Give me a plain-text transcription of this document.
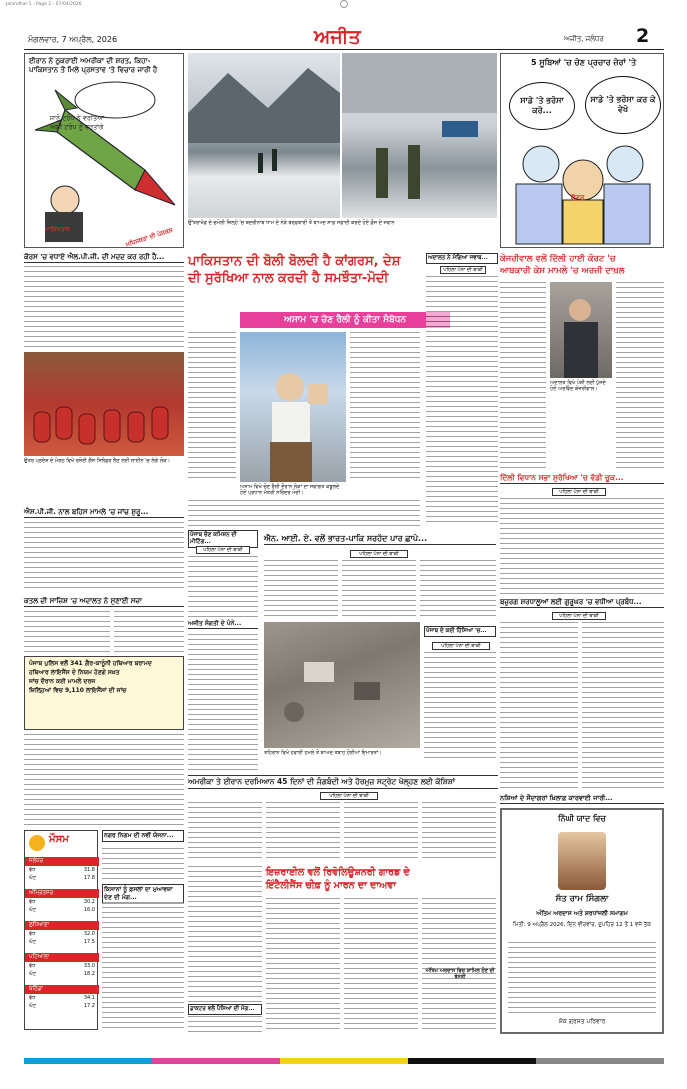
Jalandhar-1 - Page 2 - 07/04/2026
ਮੰਗਲਵਾਰ, 7 ਅਪ੍ਰੈਲ, 2026	ਅਜੀਤ	ਅਜੀਤ, ਜਲੰਧਰ 2
ਈਰਾਨ ਨੇ ਠੁਕਰਾਈ ਅਮਰੀਕਾ ਦੀ ਸ਼ਰਤ, ਕਿਹਾ- ਪਾਕਿਸਤਾਨ ਤੋਂ ਮਿਲੇ ਪ੍ਰਸਤਾਵ 'ਤੇ ਵਿਚਾਰ ਜਾਰੀ ਹੈ
ਸਾਨੂੰ ਟਰੰਪ ਨੇ ਵਰਤਿਆ ਅਸੀਂ ਟਰੰਪ ਨੂੰ ਵਰਤਾਂਗੇ
ਪਾਕਿਸਤਾਨ	ਮਧਿਸਥਤਾ ਦੀ ਪੇਸ਼ਕਸ਼
ਉੱਤਰਾਖੰਡ ਦੇ ਚਮੋਲੀ ਜ਼ਿਲ੍ਹੇ 'ਚ ਬਦਰੀਨਾਥ ਧਾਮ ਦੇ ਨੇੜੇ ਬਰਫ਼ਬਾਰੀ ਤੋਂ ਬਾਅਦ ਸਾਫ਼ ਸਫ਼ਾਈ ਕਰਦੇ ਹੋਏ ਫ਼ੌਜ ਦੇ ਜਵਾਨ
5 ਸੂਬਿਆਂ 'ਚ ਚੋਣ ਪ੍ਰਚਾਰ ਜ਼ੋਰਾਂ 'ਤੇ
ਸਾਡੇ 'ਤੇ ਭਰੋਸਾ ਕਰੋ...
ਸਾਡੇ 'ਤੇ ਭਰੋਸਾ ਕਰ ਕੇ ਵੇਖੋ
ਵੋਟਰ
ਕੋਰਸ 'ਚ ਵਧਾਏ ਐਲ.ਪੀ.ਜੀ. ਦੀ ਮਦਦ ਕਰ ਰਹੀ ਹੈ...
ਉਤਰ ਪ੍ਰਦੇਸ਼ ਦੇ ਮੇਰਠ ਵਿਖੇ ਰਸੋਈ ਗੈਸ ਸਿਲੰਡਰ ਲੈਣ ਲਈ ਲਾਈਨ 'ਚ ਲੱਗੇ ਲੋਕ।
ਐਸ.ਪੀ.ਜੀ. ਨਾਲ ਬਹਿਸ ਮਾਮਲੇ 'ਚ ਜਾਂਚ ਸ਼ੁਰੂ...
ਕਤਲ ਦੀ ਸਾਜ਼ਿਸ਼ 'ਚ ਅਦਾਲਤ ਨੇ ਸੁਣਾਈ ਸਜ਼ਾ
ਪੰਜਾਬ ਪੁਲਿਸ ਵਲੋਂ 341 ਗ਼ੈਰ-ਕਾਨੂੰਨੀ ਹਥਿਆਰ ਬਰਾਮਦ
ਹਥਿਆਰ ਲਾਇਸੈਂਸ ਦੇ ਨਿਯਮ ਹੋਣਗੇ ਸਖ਼ਤ
ਜਾਂਚ ਦੌਰਾਨ ਕਈ ਮਾਮਲੇ ਦਰਜ
ਜ਼ਿਲ੍ਹਿਆਂ ਵਿਚ 9,110 ਲਾਇਸੈਂਸਾਂ ਦੀ ਜਾਂਚ
ਮੌਸਮ
ਜਲੰਧਰ
ਵੱਧ	31.8
ਘੱਟ	17.8
ਅੰਮ੍ਰਿਤਸਰ
ਵੱਧ	30.2
ਘੱਟ	16.0
ਲੁਧਿਆਣਾ
ਵੱਧ	32.0
ਘੱਟ	17.5
ਪਟਿਆਲਾ
ਵੱਧ	33.0
ਘੱਟ	18.2
ਬਠਿੰਡਾ
ਵੱਧ	34.1
ਘੱਟ	17.2
ਨਗਰ ਨਿਗਮ ਦੀ ਨਵੀਂ ਯੋਜਨਾ...
ਕਿਸਾਨਾਂ ਨੂੰ ਫ਼ਸਲਾਂ ਦਾ ਮੁਆਵਜ਼ਾ ਦੇਣ ਦੀ ਮੰਗ...
ਪਾਕਿਸਤਾਨ ਦੀ ਬੋਲੀ ਬੋਲਦੀ ਹੈ ਕਾਂਗਰਸ, ਦੇਸ਼
ਦੀ ਸੁਰੱਖਿਆ ਨਾਲ ਕਰਦੀ ਹੈ ਸਮਝੌਤਾ-ਮੋਦੀ
ਅਸਾਮ 'ਚ ਚੋਣ ਰੈਲੀ ਨੂੰ ਕੀਤਾ ਸੰਬੋਧਨ
ਅਸਾਮ ਵਿਖੇ ਚੋਣ ਰੈਲੀ ਦੌਰਾਨ ਲੋਕਾਂ ਦਾ ਸਵਾਗਤ ਕਬੂਲਦੇ ਹੋਏ ਪ੍ਰਧਾਨ ਮੰਤਰੀ ਨਰਿੰਦਰ ਮੋਦੀ।
ਅਦਾਲਤ ਨੇ ਮੰਗਿਆ ਜਵਾਬ...
ਪਹਿਲਾ ਪੰਨਾ ਦੀ ਬਾਕੀ
ਕੇਜਰੀਵਾਲ ਵਲੋਂ ਦਿੱਲੀ ਹਾਈ ਕੋਰਟ 'ਚ
ਆਬਕਾਰੀ ਕੇਸ ਮਾਮਲੇ 'ਚ ਅਰਜ਼ੀ ਦਾਖ਼ਲ
ਅਦਾਲਤ ਵਿਖੇ ਪੇਸ਼ੀ ਲਈ ਪੁੱਜਦੇ ਹੋਏ ਅਰਵਿੰਦ ਕੇਜਰੀਵਾਲ।
ਦਿੱਲੀ ਵਿਧਾਨ ਸਭਾ ਸੁਰੱਖਿਆ 'ਚ ਵੱਡੀ ਚੂਕ...
ਪਹਿਲਾ ਪੰਨਾ ਦੀ ਬਾਕੀ
ਬਜ਼ੁਰਗ ਸ਼ਰਧਾਲੂਆਂ ਲਈ ਗੁਰੂਘਰ 'ਚ ਵਧੀਆ ਪ੍ਰਬੰਧ...
ਪਹਿਲਾ ਪੰਨਾ ਦੀ ਬਾਕੀ
ਪੰਜਾਬ ਚੋਣ ਕਮਿਸ਼ਨ ਦੀ ਮੀਟਿੰਗ...
ਪਹਿਲਾ ਪੰਨਾ ਦੀ ਬਾਕੀ
ਅਜੀਤ ਸੰਗਤੀ ਦੇ ਪੰਨੇ...
ਐਨ. ਆਈ. ਏ. ਵਲੋਂ ਭਾਰਤ-ਪਾਕਿ ਸਰਹੱਦ ਪਾਰ ਛਾਪੇ...
ਪਹਿਲਾ ਪੰਨਾ ਦੀ ਬਾਕੀ
ਤਹਿਰਾਨ ਵਿਖੇ ਹਵਾਈ ਹਮਲੇ ਤੋਂ ਬਾਅਦ ਤਬਾਹ ਹੋਈਆਂ ਇਮਾਰਤਾਂ।
ਪੰਜਾਬ ਦੇ ਕਈ ਹਿੱਸਿਆਂ 'ਚ...
ਪਹਿਲਾ ਪੰਨਾ ਦੀ ਬਾਕੀ
ਅਮਰੀਕਾ ਤੇ ਈਰਾਨ ਦਰਮਿਆਨ 45 ਦਿਨਾਂ ਦੀ ਜੰਗਬੰਦੀ ਅਤੇ ਹੋਰਮੁਜ਼ ਸਟ੍ਰੇਟ ਖੋਲ੍ਹਣ ਲਈ ਕੋਸ਼ਿਸ਼ਾਂ
ਪਹਿਲਾ ਪੰਨਾ ਦੀ ਬਾਕੀ
ਇਜ਼ਰਾਈਲ ਵਲੋਂ ਰਿਵੋਲਿਊਸ਼ਨਰੀ ਗਾਰਡ ਦੇ
ਇੰਟੈਲੀਜੈਂਸ ਚੀਫ਼ ਨੂੰ ਮਾਰਨ ਦਾ ਦਾਅਵਾ
ਡਾਕਟਰ ਵਲੋਂ ਪੈਸਿਆਂ ਦੀ ਮੰਗ...
ਨਸ਼ਿਆਂ ਦੇ ਸੌਦਾਗਰਾਂ ਖ਼ਿਲਾਫ਼ ਕਾਰਵਾਈ ਜਾਰੀ...
ਨਿੱਘੀ ਯਾਦ ਵਿਚ
ਸੱਤ ਰਾਮ ਸਿੰਗਲਾ
ਅੰਤਿਮ ਅਰਦਾਸ ਅਤੇ ਸ਼ਰਧਾਂਜਲੀ ਸਮਾਗਮ
ਮਿਤੀ: 9 ਅਪ੍ਰੈਲ 2026, ਦਿਨ ਵੀਰਵਾਰ, ਦੁਪਹਿਰ 12 ਤੋਂ 1 ਵਜੇ ਤੱਕ
ਸ਼ੋਕ ਗ੍ਰਸਤ ਪਰਿਵਾਰ
ਅੰਤਿਮ ਅਰਦਾਸ ਵਿਚ ਸ਼ਾਮਿਲ ਹੋਣ ਦੀ ਬੇਨਤੀ
